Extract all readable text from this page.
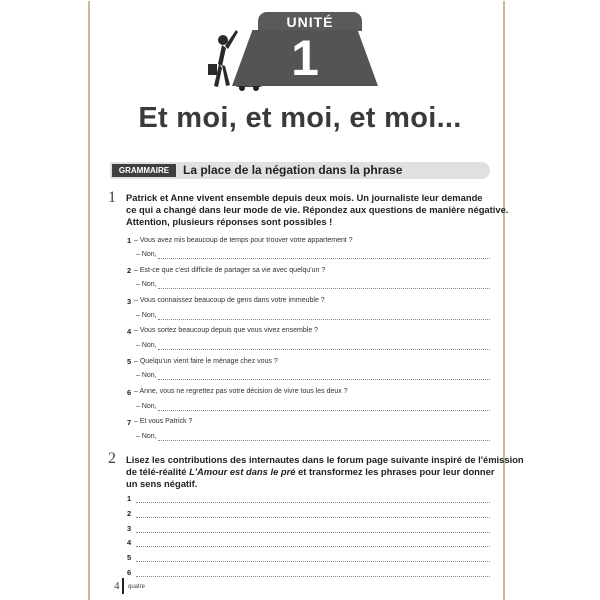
UNITÉ
1
Et moi, et moi, et moi...
GRAMMAIRE	La place de la négation dans la phrase
1 Patrick et Anne vivent ensemble depuis deux mois. Un journaliste leur demande
ce qui a changé dans leur mode de vie. Répondez aux questions de manière négative.
Attention, plusieurs réponses sont possibles !
1 – Vous avez mis beaucoup de temps pour trouver votre appartement ?
– Non,
2 – Est-ce que c'est difficile de partager sa vie avec quelqu'un ?
– Non,
3 – Vous connaissez beaucoup de gens dans votre immeuble ?
– Non,
4 – Vous sortez beaucoup depuis que vous vivez ensemble ?
– Non,
5 – Quelqu'un vient faire le ménage chez vous ?
– Non,
6 – Anne, vous ne regrettez pas votre décision de vivre tous les deux ?
– Non,
7 – Et vous Patrick ?
– Non,
2 Lisez les contributions des internautes dans le forum page suivante inspiré de l'émission
de télé-réalité L'Amour est dans le pré et transformez les phrases pour leur donner
un sens négatif.
1
2
3
4
5
6
4 quatre
